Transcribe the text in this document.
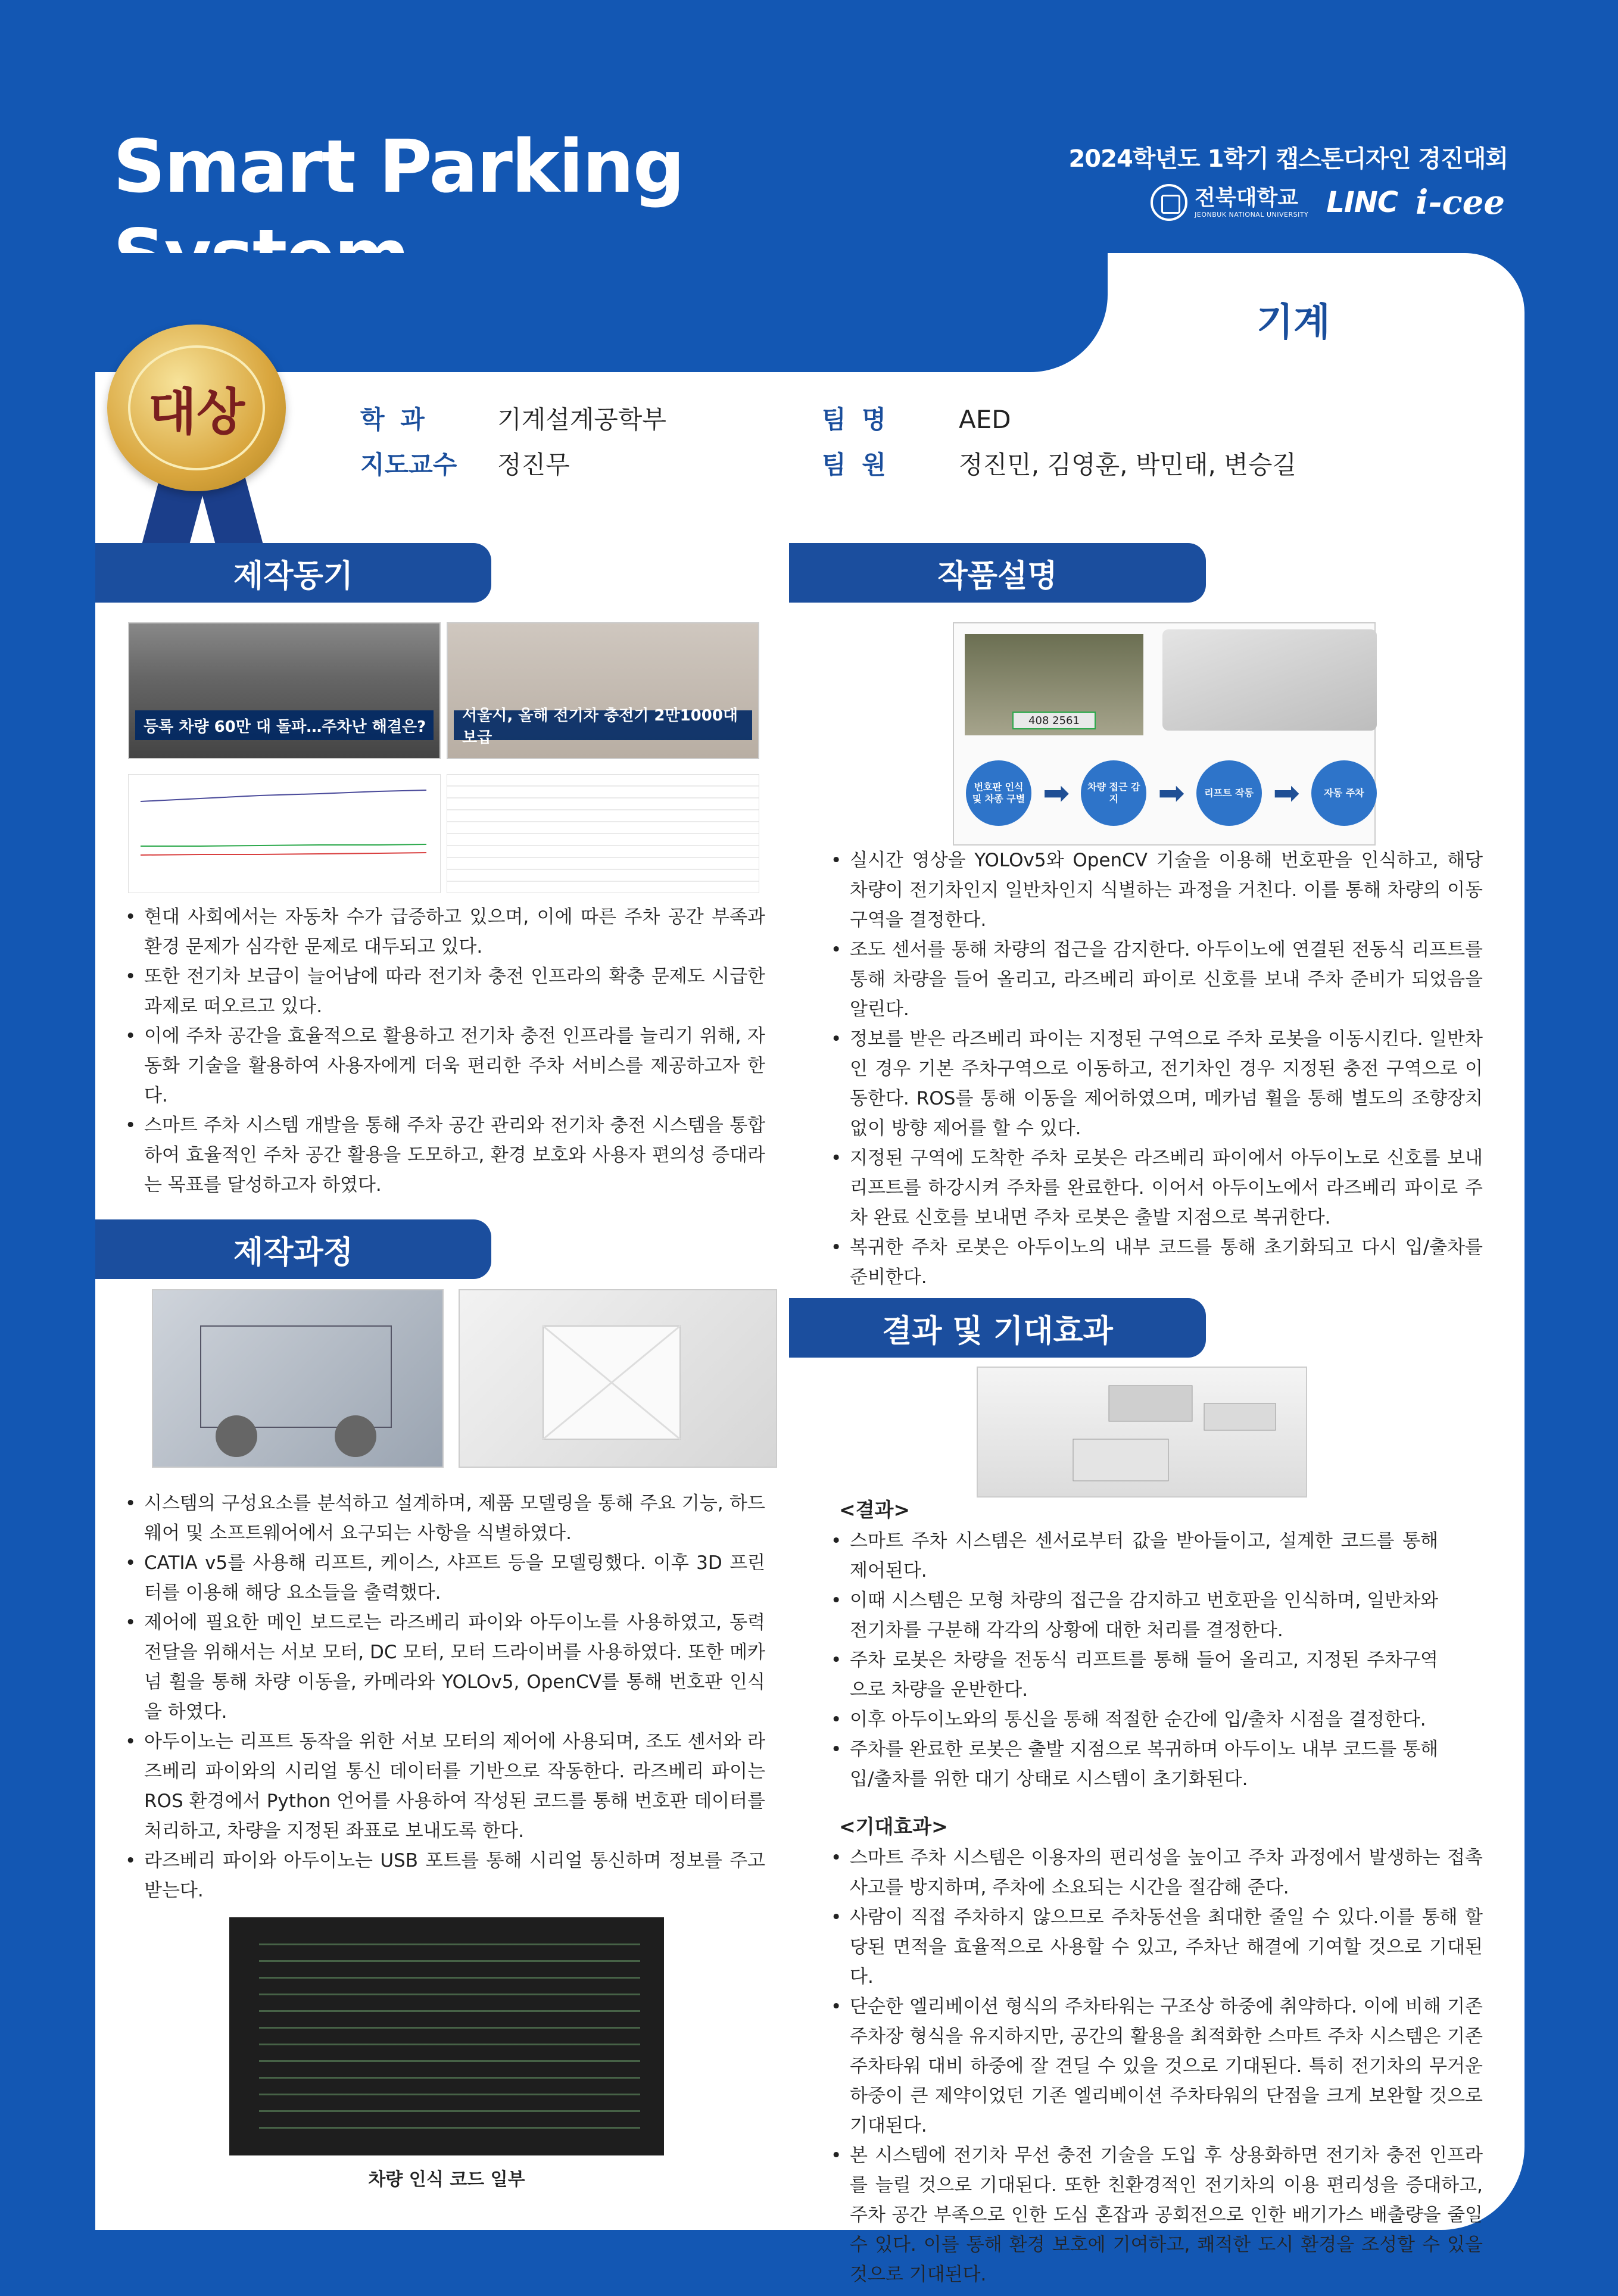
Smart Parking	2024학년도 1학기 캡스톤디자인 경진대회
전북대학교
JEONBUK NATIONAL UNIVERSITY LINC i-cee
기계
대상	학 과	기계설계공학부
지도교수 정진무
팀 명	AED
팀 원	정진민, 김영훈, 박민태, 변승길
제작동기
등록 차량 60만 대 돌파…주차난 해결은?
서울시, 올해 전기차 충전기 2만1000대 보급
• 현대 사회에서는 자동차 수가 급증하고 있으며, 이에 따른 주차 공간 부족과 환경 문제가 심각한 문제로 대두되고 있다.
• 또한 전기차 보급이 늘어남에 따라 전기차 충전 인프라의 확충 문제도 시급한 과제로 떠오르고 있다.
• 이에 주차 공간을 효율적으로 활용하고 전기차 충전 인프라를 늘리기 위해, 자동화 기술을 활용하여 사용자에게 더욱 편리한 주차 서비스를 제공하고자 한다.
• 스마트 주차 시스템 개발을 통해 주차 공간 관리와 전기차 충전 시스템을 통합하여 효율적인 주차 공간 활용을 도모하고, 환경 보호와 사용자 편의성 증대라는 목표를 달성하고자 하였다.
제작과정
• 시스템의 구성요소를 분석하고 설계하며, 제품 모델링을 통해 주요 기능, 하드웨어 및 소프트웨어에서 요구되는 사항을 식별하였다.
• CATIA v5를 사용해 리프트, 케이스, 샤프트 등을 모델링했다. 이후 3D 프린터를 이용해 해당 요소들을 출력했다.
• 제어에 필요한 메인 보드로는 라즈베리 파이와 아두이노를 사용하였고, 동력 전달을 위해서는 서보 모터, DC 모터, 모터 드라이버를 사용하였다. 또한 메카넘 휠을 통해 차량 이동을, 카메라와 YOLOv5, OpenCV를 통해 번호판 인식을 하였다.
• 아두이노는 리프트 동작을 위한 서보 모터의 제어에 사용되며, 조도 센서와 라즈베리 파이와의 시리얼 통신 데이터를 기반으로 작동한다. 라즈베리 파이는 ROS 환경에서 Python 언어를 사용하여 작성된 코드를 통해 번호판 데이터를 처리하고, 차량을 지정된 좌표로 보내도록 한다.
• 라즈베리 파이와 아두이노는 USB 포트를 통해 시리얼 통신하며 정보를 주고받는다.
차량 인식 코드 일부
작품설명
408 2561
번호판 인식 및 차종 구별 ➡	차량 접근 감지	➡	리프트 작동 ➡	자동 주차
• 실시간 영상을 YOLOv5와 OpenCV 기술을 이용해 번호판을 인식하고, 해당 차량이 전기차인지 일반차인지 식별하는 과정을 거친다. 이를 통해 차량의 이동 구역을 결정한다.
• 조도 센서를 통해 차량의 접근을 감지한다. 아두이노에 연결된 전동식 리프트를 통해 차량을 들어 올리고, 라즈베리 파이로 신호를 보내 주차 준비가 되었음을 알린다.
• 정보를 받은 라즈베리 파이는 지정된 구역으로 주차 로봇을 이동시킨다. 일반차인 경우 기본 주차구역으로 이동하고, 전기차인 경우 지정된 충전 구역으로 이동한다. ROS를 통해 이동을 제어하였으며, 메카넘 휠을 통해 별도의 조향장치 없이 방향 제어를 할 수 있다.
• 지정된 구역에 도착한 주차 로봇은 라즈베리 파이에서 아두이노로 신호를 보내 리프트를 하강시켜 주차를 완료한다. 이어서 아두이노에서 라즈베리 파이로 주차 완료 신호를 보내면 주차 로봇은 출발 지점으로 복귀한다.
• 복귀한 주차 로봇은 아두이노의 내부 코드를 통해 초기화되고 다시 입/출차를 준비한다.
결과 및 기대효과
<결과>
• 스마트 주차 시스템은 센서로부터 값을 받아들이고, 설계한 코드를 통해 제어된다.
• 이때 시스템은 모형 차량의 접근을 감지하고 번호판을 인식하며, 일반차와 전기차를 구분해 각각의 상황에 대한 처리를 결정한다.
• 주차 로봇은 차량을 전동식 리프트를 통해 들어 올리고, 지정된 주차구역으로 차량을 운반한다.
• 이후 아두이노와의 통신을 통해 적절한 순간에 입/출차 시점을 결정한다.
• 주차를 완료한 로봇은 출발 지점으로 복귀하며 아두이노 내부 코드를 통해 입/출차를 위한 대기 상태로 시스템이 초기화된다.
<기대효과>
• 스마트 주차 시스템은 이용자의 편리성을 높이고 주차 과정에서 발생하는 접촉 사고를 방지하며, 주차에 소요되는 시간을 절감해 준다.
• 사람이 직접 주차하지 않으므로 주차동선을 최대한 줄일 수 있다.이를 통해 할당된 면적을 효율적으로 사용할 수 있고, 주차난 해결에 기여할 것으로 기대된다.
• 단순한 엘리베이션 형식의 주차타워는 구조상 하중에 취약하다. 이에 비해 기존 주차장 형식을 유지하지만, 공간의 활용을 최적화한 스마트 주차 시스템은 기존 주차타워 대비 하중에 잘 견딜 수 있을 것으로 기대된다. 특히 전기차의 무거운 하중이 큰 제약이었던 기존 엘리베이션 주차타워의 단점을 크게 보완할 것으로 기대된다.
• 본 시스템에 전기차 무선 충전 기술을 도입 후 상용화하면 전기차 충전 인프라를 늘릴 것으로 기대된다. 또한 친환경적인 전기차의 이용 편리성을 증대하고, 주차 공간 부족으로 인한 도심 혼잡과 공회전으로 인한 배기가스 배출량을 줄일 수 있다. 이를 통해 환경 보호에 기여하고, 쾌적한 도시 환경을 조성할 수 있을 것으로 기대된다.
